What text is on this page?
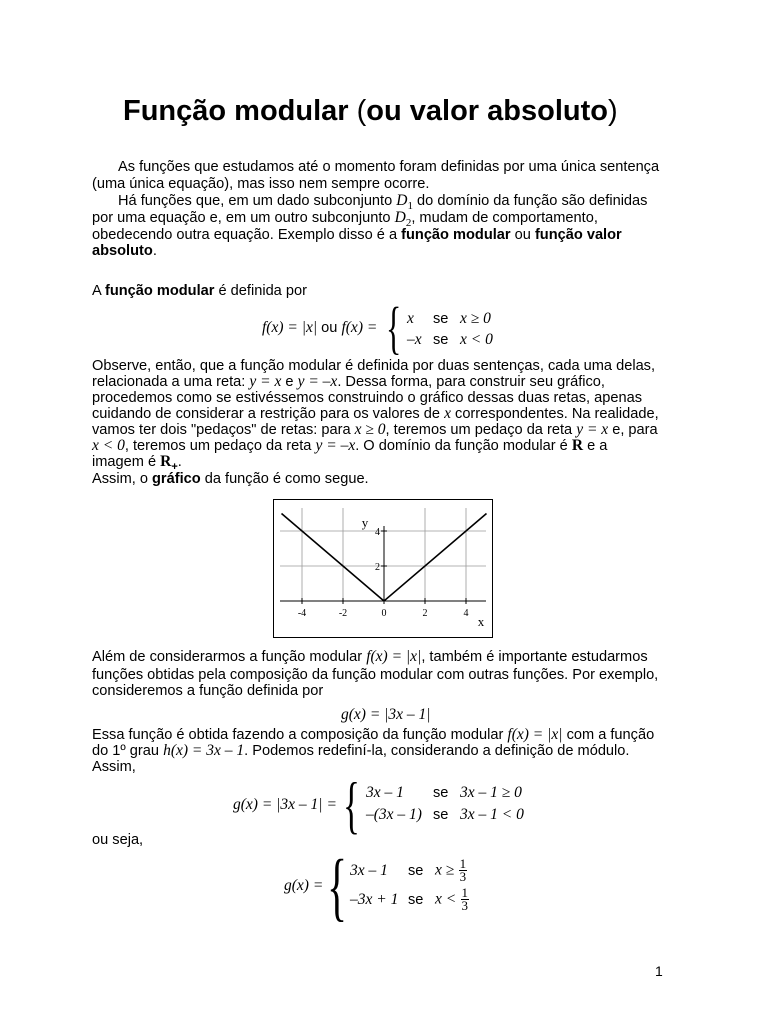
Função modular (ou valor absoluto)
As funções que estudamos até o momento foram definidas por uma única sentença
(uma única equação), mas isso nem sempre ocorre.
Há funções que, em um dado subconjunto $D_1$ do domínio da função são definidas
por uma equação e, em um outro subconjunto $D_2$, mudam de comportamento,
obedecendo outra equação. Exemplo disso é a função modular ou função valor
absoluto.
A função modular é definida por
f(x) = |x| ou f(x) = { x se x ≥ 0
–x se x < 0
Observe, então, que a função modular é definida por duas sentenças, cada uma delas,
relacionada a uma reta: y = x e y = –x. Dessa forma, para construir seu gráfico,
procedemos como se estivéssemos construindo o gráfico dessas duas retas, apenas
cuidando de considerar a restrição para os valores de x correspondentes. Na realidade,
vamos ter dois "pedaços" de retas: para x ≥ 0, teremos um pedaço da reta y = x e, para
x < 0, teremos um pedaço da reta y = –x. O domínio da função modular é R e a
imagem é $R_+$.
Assim, o gráfico da função é como segue.
-4	-2	0	2	4
2
4
x
y
Além de considerarmos a função modular f(x) = |x|, também é importante estudarmos
funções obtidas pela composição da função modular com outras funções. Por exemplo,
consideremos a função definida por
g(x) = |3x – 1|
Essa função é obtida fazendo a composição da função modular f(x) = |x| com a função
do 1º grau h(x) = 3x – 1. Podemos redefiní-la, considerando a definição de módulo.
Assim,
g(x) = |3x – 1| = { 3x – 1 se 3x – 1 ≥ 0
–(3x – 1) se 3x – 1 < 0
ou seja,
g(x) = { 3x – 1 se $x \ge \frac{1}{3}$
–3x + 1 se $x < \frac{1}{3}$
1
